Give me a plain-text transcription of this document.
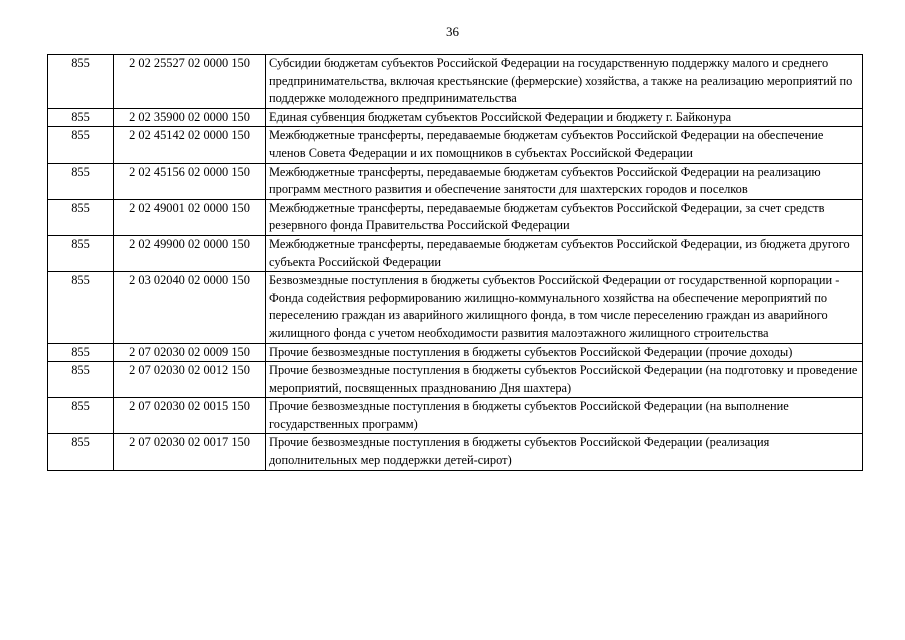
36
855	2 02 25527 02 0000 150	Субсидии бюджетам субъектов Российской Федерации на государственную поддержку малого и среднего предпринимательства, включая крестьянские (фермерские) хозяйства, а также на реализацию мероприятий по поддержке молодежного предпринимательства
855	2 02 35900 02 0000 150	Единая субвенция бюджетам субъектов Российской Федерации и бюджету г. Байконура
855	2 02 45142 02 0000 150	Межбюджетные трансферты, передаваемые бюджетам субъектов Российской Федерации на обеспечение членов Совета Федерации и их помощников в субъектах Российской Федерации
855	2 02 45156 02 0000 150	Межбюджетные трансферты, передаваемые бюджетам субъектов Российской Федерации на реализацию программ местного развития и обеспечение занятости для шахтерских городов и поселков
855	2 02 49001 02 0000 150	Межбюджетные трансферты, передаваемые бюджетам субъектов Российской Федерации, за счет средств резервного фонда Правительства Российской Федерации
855	2 02 49900 02 0000 150	Межбюджетные трансферты, передаваемые бюджетам субъектов Российской Федерации, из бюджета другого субъекта Российской Федерации
855	2 03 02040 02 0000 150	Безвозмездные поступления в бюджеты субъектов Российской Федерации от государственной корпорации - Фонда содействия реформированию жилищно-коммунального хозяйства на обеспечение мероприятий по переселению граждан из аварийного жилищного фонда, в том числе переселению граждан из аварийного жилищного фонда с учетом необходимости развития малоэтажного жилищного строительства
855	2 07 02030 02 0009 150	Прочие безвозмездные поступления в бюджеты субъектов Российской Федерации (прочие доходы)
855	2 07 02030 02 0012 150	Прочие безвозмездные поступления в бюджеты субъектов Российской Федерации (на подготовку и проведение мероприятий, посвященных празднованию Дня шахтера)
855	2 07 02030 02 0015 150	Прочие безвозмездные поступления в бюджеты субъектов Российской Федерации (на выполнение государственных программ)
855	2 07 02030 02 0017 150	Прочие безвозмездные поступления в бюджеты субъектов Российской Федерации (реализация дополнительных мер поддержки детей-сирот)
